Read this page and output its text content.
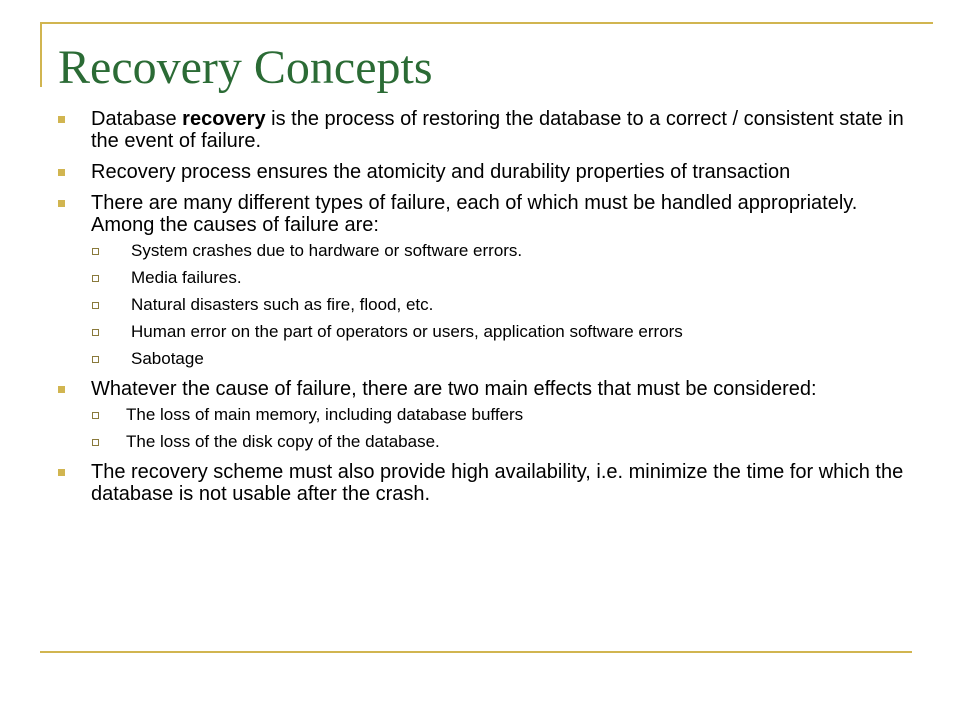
Recovery Concepts
Database recovery is the process of restoring the database to a correct / consistent state in the event of failure.
Recovery process ensures the atomicity and durability properties of transaction
There are many different types of failure, each of which must be handled appropriately. Among the causes of failure are:
System crashes due to hardware or software errors.
Media failures.
Natural disasters such as fire, flood, etc.
Human error on the part of operators or users, application software errors
Sabotage
Whatever the cause of failure, there are two main effects that must be considered:
The loss of main memory, including database buffers
The loss of the disk copy of the database.
The recovery scheme must also provide high availability, i.e. minimize the time for which the database is not usable after the crash.
